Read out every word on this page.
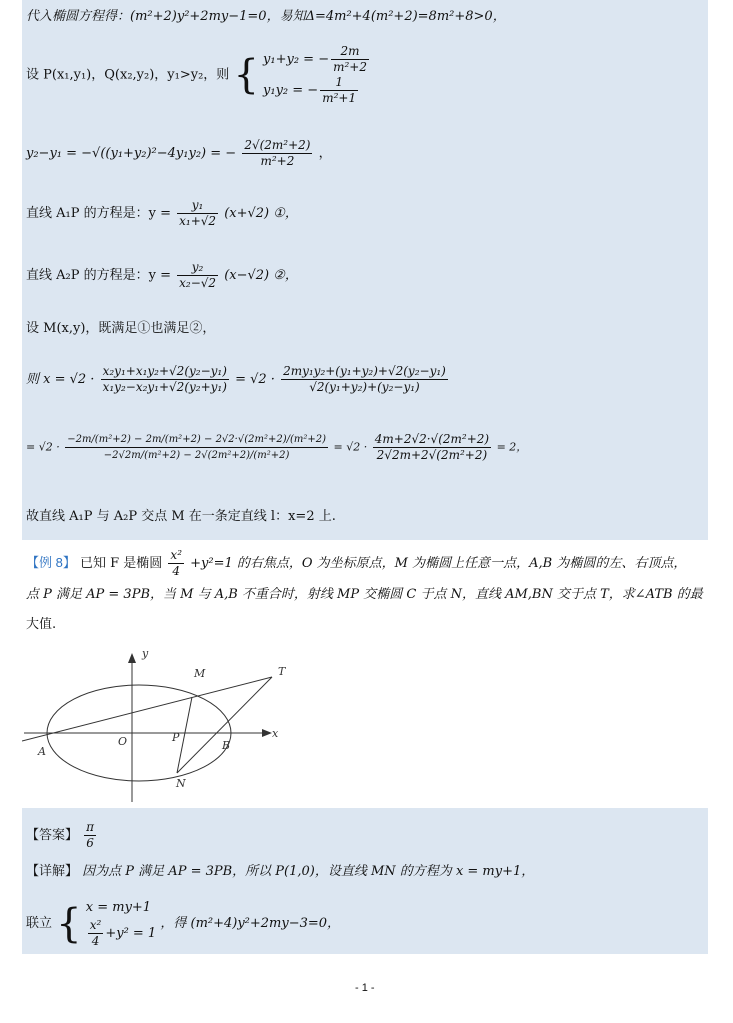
代入椭圆方程得：(m²+2)y²+2my−1=0，易知Δ=4m²+4(m²+2)=8m²+8>0，
设 P(x₁,y₁)，Q(x₂,y₂)，y₁>y₂，则 { y₁+y₂ = − $\frac{2m}{\text{m²+2}}$
y₁y₂ = − $\frac{1}{\text{m²+1}}$
y₂−y₁ = −√((y₁+y₂)²−4y₁y₂) = − $\frac{\text{2√(2m²+2)}}{\text{m²+2}}$ ，
直线 A₁P 的方程是：$y = \frac{\text{y₁}}{\text{x₁+√2}} (x+√2)$ ①，
直线 A₂P 的方程是：$y = \frac{\text{y₂}}{\text{x₂−√2}} (x-√2)$ ②，
设 M(x,y)，既满足①也满足②，
则 $x = √2 \cdot \frac{\text{x₂y₁+x₁y₂+√2(y₂−y₁)}}{\text{x₁y₂−x₂y₁+√2(y₂+y₁)}} = √2 \cdot \frac{\text{2my₁y₂+(y₁+y₂)+√2(y₂−y₁)}}{\text{√2(y₁+y₂)+(y₂−y₁)}}$
= $√2 \cdot \frac{\text{−2m/(m²+2) − 2m/(m²+2) − 2√2·√(2m²+2)/(m²+2)}}{\text{−2√2m/(m²+2) − 2√(2m²+2)/(m²+2)}} = √2 \cdot \frac{\text{4m+2√2·√(2m²+2)}}{\text{2√2m+2√(2m²+2)}} = 2$，
故直线 A₁P 与 A₂P 交点 M 在一条定直线 l：x=2 上.
【例 8】 已知 F 是椭圆 $\frac{\text{x²}}{4} +y^2=1$ 的右焦点，O 为坐标原点，M 为椭圆上任意一点，A,B 为椭圆的左、右顶点，
点 P 满足 AP = 3PB，当 M 与 A,B 不重合时，射线 MP 交椭圆 C 于点 N，直线 AM,BN 交于点 T，求∠ATB 的最
大值.
y
x
M	T
O	P
A	B
N
【答案】 $\frac{\pi}{6}$
【详解】 因为点 P 满足 AP = 3PB，所以 P(1,0)，设直线 MN 的方程为 x = my+1，
联立 { x = my+1
$\frac{\text{x²}}{4} +y^2 = 1$
，得 (m²+4)y²+2my−3=0，
- 1 -
